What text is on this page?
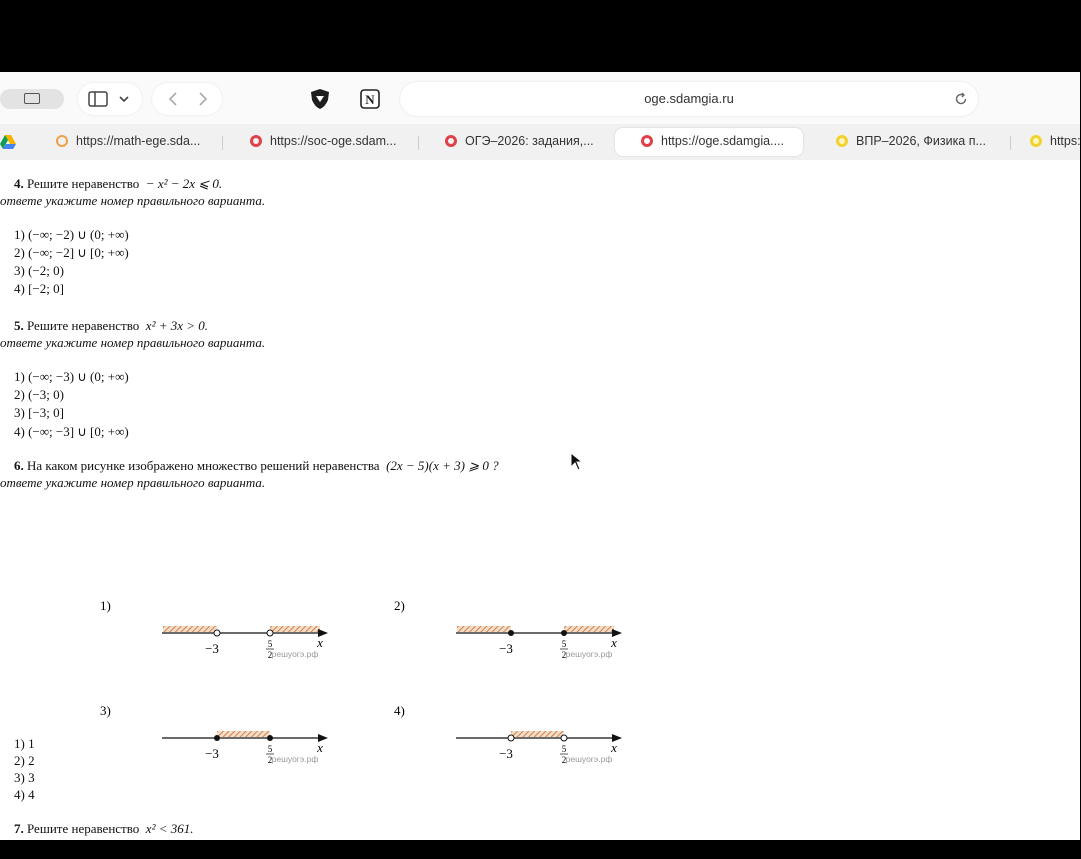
N	oge.sdamgia.ru
https://math-ege.sda...	https://soc-oge.sdam...	ОГЭ–2026: задания,...	https://oge.sdamgia....	ВПР–2026, Физика п...	https:
4. Решите неравенство − x² − 2x ⩽ 0.
ответе укажите номер правильного варианта.
1) (−∞; −2) ∪ (0; +∞)
2) (−∞; −2] ∪ [0; +∞)
3) (−2; 0)
4) [−2; 0]
5. Решите неравенство x² + 3x > 0.
ответе укажите номер правильного варианта.
1) (−∞; −3) ∪ (0; +∞)
2) (−3; 0)
3) [−3; 0]
4) (−∞; −3] ∪ [0; +∞)
6. На каком рисунке изображено множество решений неравенства (2x − 5)(x + 3) ⩾ 0 ?
ответе укажите номер правильного варианта.
1)
−3	5
2
x
решуогэ.рф
2)
−3	5
2
x
решуогэ.рф
3)
−3	5
2
x
решуогэ.рф
4)
−3	5
2
x
решуогэ.рф
1) 1
2) 2
3) 3
4) 4
7. Решите неравенство x² < 361.
